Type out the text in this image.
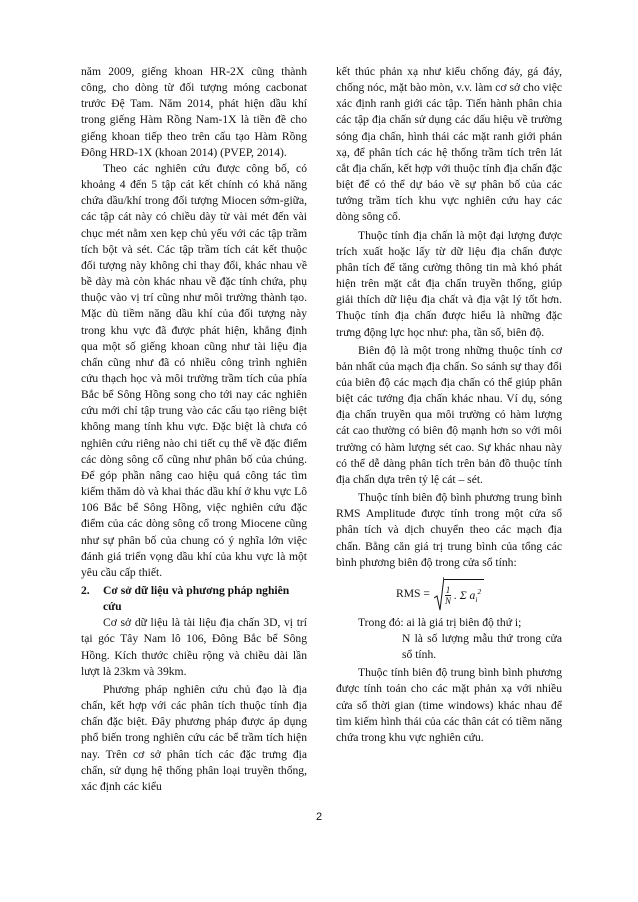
năm 2009, giếng khoan HR-2X cũng thành công, cho dòng từ đối tượng móng cacbonat trước Đệ Tam. Năm 2014, phát hiện dầu khí trong giếng Hàm Rồng Nam-1X là tiền đề cho giếng khoan tiếp theo trên cấu tạo Hàm Rồng Đông HRD-1X (khoan 2014) (PVEP, 2014).

Theo các nghiên cứu được công bố, có khoảng 4 đến 5 tập cát kết chính có khả năng chứa dầu/khí trong đối tượng Miocen sớm-giữa, các tập cát này có chiều dày từ vài mét đến vài chục mét nằm xen kẹp chủ yếu với các tập trầm tích bột và sét. Các tập trầm tích cát kết thuộc đối tượng này không chỉ thay đổi, khác nhau về bề dày mà còn khác nhau về đặc tính chứa, phụ thuộc vào vị trí cũng như môi trường thành tạo. Mặc dù tiềm năng dầu khí của đối tượng này trong khu vực đã được phát hiện, khẳng định qua một số giếng khoan cũng như tài liệu địa chấn cũng như đã có nhiều công trình nghiên cứu thạch học và môi trường trầm tích của phía Bắc bể Sông Hồng song cho tới nay các nghiên cứu mới chỉ tập trung vào các cấu tạo riêng biệt không mang tính khu vực. Đặc biệt là chưa có nghiên cứu riêng nào chi tiết cụ thể về đặc điểm các dòng sông cổ cũng như phân bố của chúng. Để góp phần nâng cao hiệu quả công tác tìm kiếm thăm dò và khai thác dầu khí ở khu vực Lô 106 Bắc bể Sông Hồng, việc nghiên cứu đặc điểm của các dòng sông cổ trong Miocene cũng như sự phân bố của chung có ý nghĩa lớn việc đánh giá triển vọng dầu khí của khu vực là một yêu cầu cấp thiết.

2.	Cơ sở dữ liệu và phương pháp nghiên cứu

Cơ sở dữ liệu là tài liệu địa chấn 3D, vị trí tại góc Tây Nam lô 106, Đông Bắc bể Sông Hồng. Kích thước chiều rộng và chiều dài lần lượt là 23km và 39km.

Phương pháp nghiên cứu chủ đạo là địa chấn, kết hợp với các phân tích thuộc tính địa chấn đặc biệt. Đây phương pháp được áp dụng phổ biến trong nghiên cứu các bể trầm tích hiện nay. Trên cơ sở phân tích các đặc trưng địa chấn, sử dụng hệ thống phân loại truyền thống, xác định các kiểu

kết thúc phản xạ như kiểu chống đáy, gá đáy, chống nóc, mặt bào mòn, v.v. làm cơ sở cho việc xác định ranh giới các tập. Tiến hành phân chia các tập địa chấn sử dụng các dấu hiệu về trường sóng địa chấn, hình thái các mặt ranh giới phản xạ, để phân tích các hệ thống trầm tích trên lát cắt địa chấn, kết hợp với thuộc tính địa chấn đặc biệt để có thể dự báo về sự phân bố của các tướng trầm tích khu vực nghiên cứu hay các dòng sông cổ.

Thuộc tính địa chấn là một đại lượng được trích xuất hoặc lấy từ dữ liệu địa chấn được phân tích để tăng cường thông tin mà khó phát hiện trên mặt cắt địa chấn truyền thống, giúp giải thích dữ liệu địa chất và địa vật lý tốt hơn. Thuộc tính địa chấn được hiểu là những đặc trưng động lực học như: pha, tần số, biên độ.

Biên độ là một trong những thuộc tính cơ bản nhất của mạch địa chấn. So sánh sự thay đổi của biên độ các mạch địa chấn có thể giúp phân biệt các tướng địa chấn khác nhau. Ví dụ, sóng địa chấn truyền qua môi trường có hàm lượng cát cao thường có biên độ mạnh hơn so với môi trường có hàm lượng sét cao. Sự khác nhau này có thể dễ dàng phân tích trên bản đồ thuộc tính địa chấn dựa trên tỷ lệ cát – sét.

Thuộc tính biên độ bình phương trung bình RMS Amplitude được tính trong một cửa sổ phân tích và dịch chuyển theo các mạch địa chấn. Bằng căn giá trị trung bình của tổng các bình phương biên độ trong cửa sổ tính:

RMS = $\frac{1}{N}$ . Σ $a_i^2$

Trong đó: ai là giá trị biên độ thứ i;

N là số lượng mẫu thứ trong cửa sổ tính.

Thuộc tính biên độ trung bình bình phương được tính toán cho các mặt phản xạ với nhiều cửa sổ thời gian (time windows) khác nhau để tìm kiếm hình thái của các thân cát có tiềm năng chứa trong khu vực nghiên cứu.

2
